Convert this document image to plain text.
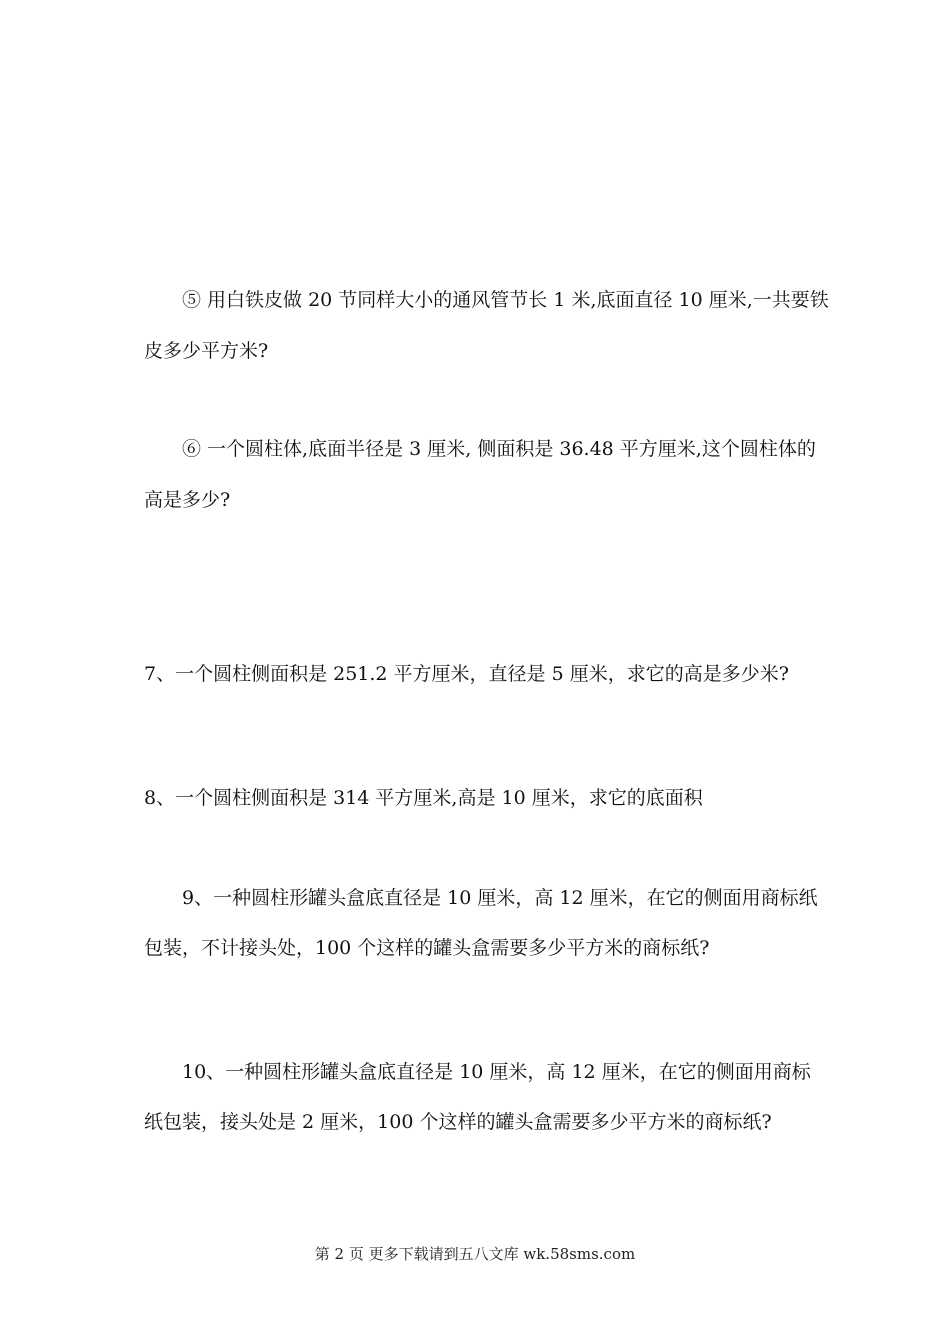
⑤ 用白铁皮做 20 节同样大小的通风管节长 1 米,底面直径 10 厘米,一共要铁
皮多少平方米?
⑥ 一个圆柱体,底面半径是 3 厘米, 侧面积是 36.48 平方厘米,这个圆柱体的
高是多少?
7、一个圆柱侧面积是 251.2 平方厘米，直径是 5 厘米，求它的高是多少米?
8、一个圆柱侧面积是 314 平方厘米,高是 10 厘米，求它的底面积
9、一种圆柱形罐头盒底直径是 10 厘米，高 12 厘米，在它的侧面用商标纸
包装，不计接头处，100 个这样的罐头盒需要多少平方米的商标纸?
10、一种圆柱形罐头盒底直径是 10 厘米，高 12 厘米，在它的侧面用商标
纸包装，接头处是 2 厘米，100 个这样的罐头盒需要多少平方米的商标纸?
第 2 页 更多下载请到五八文库 wk.58sms.com
